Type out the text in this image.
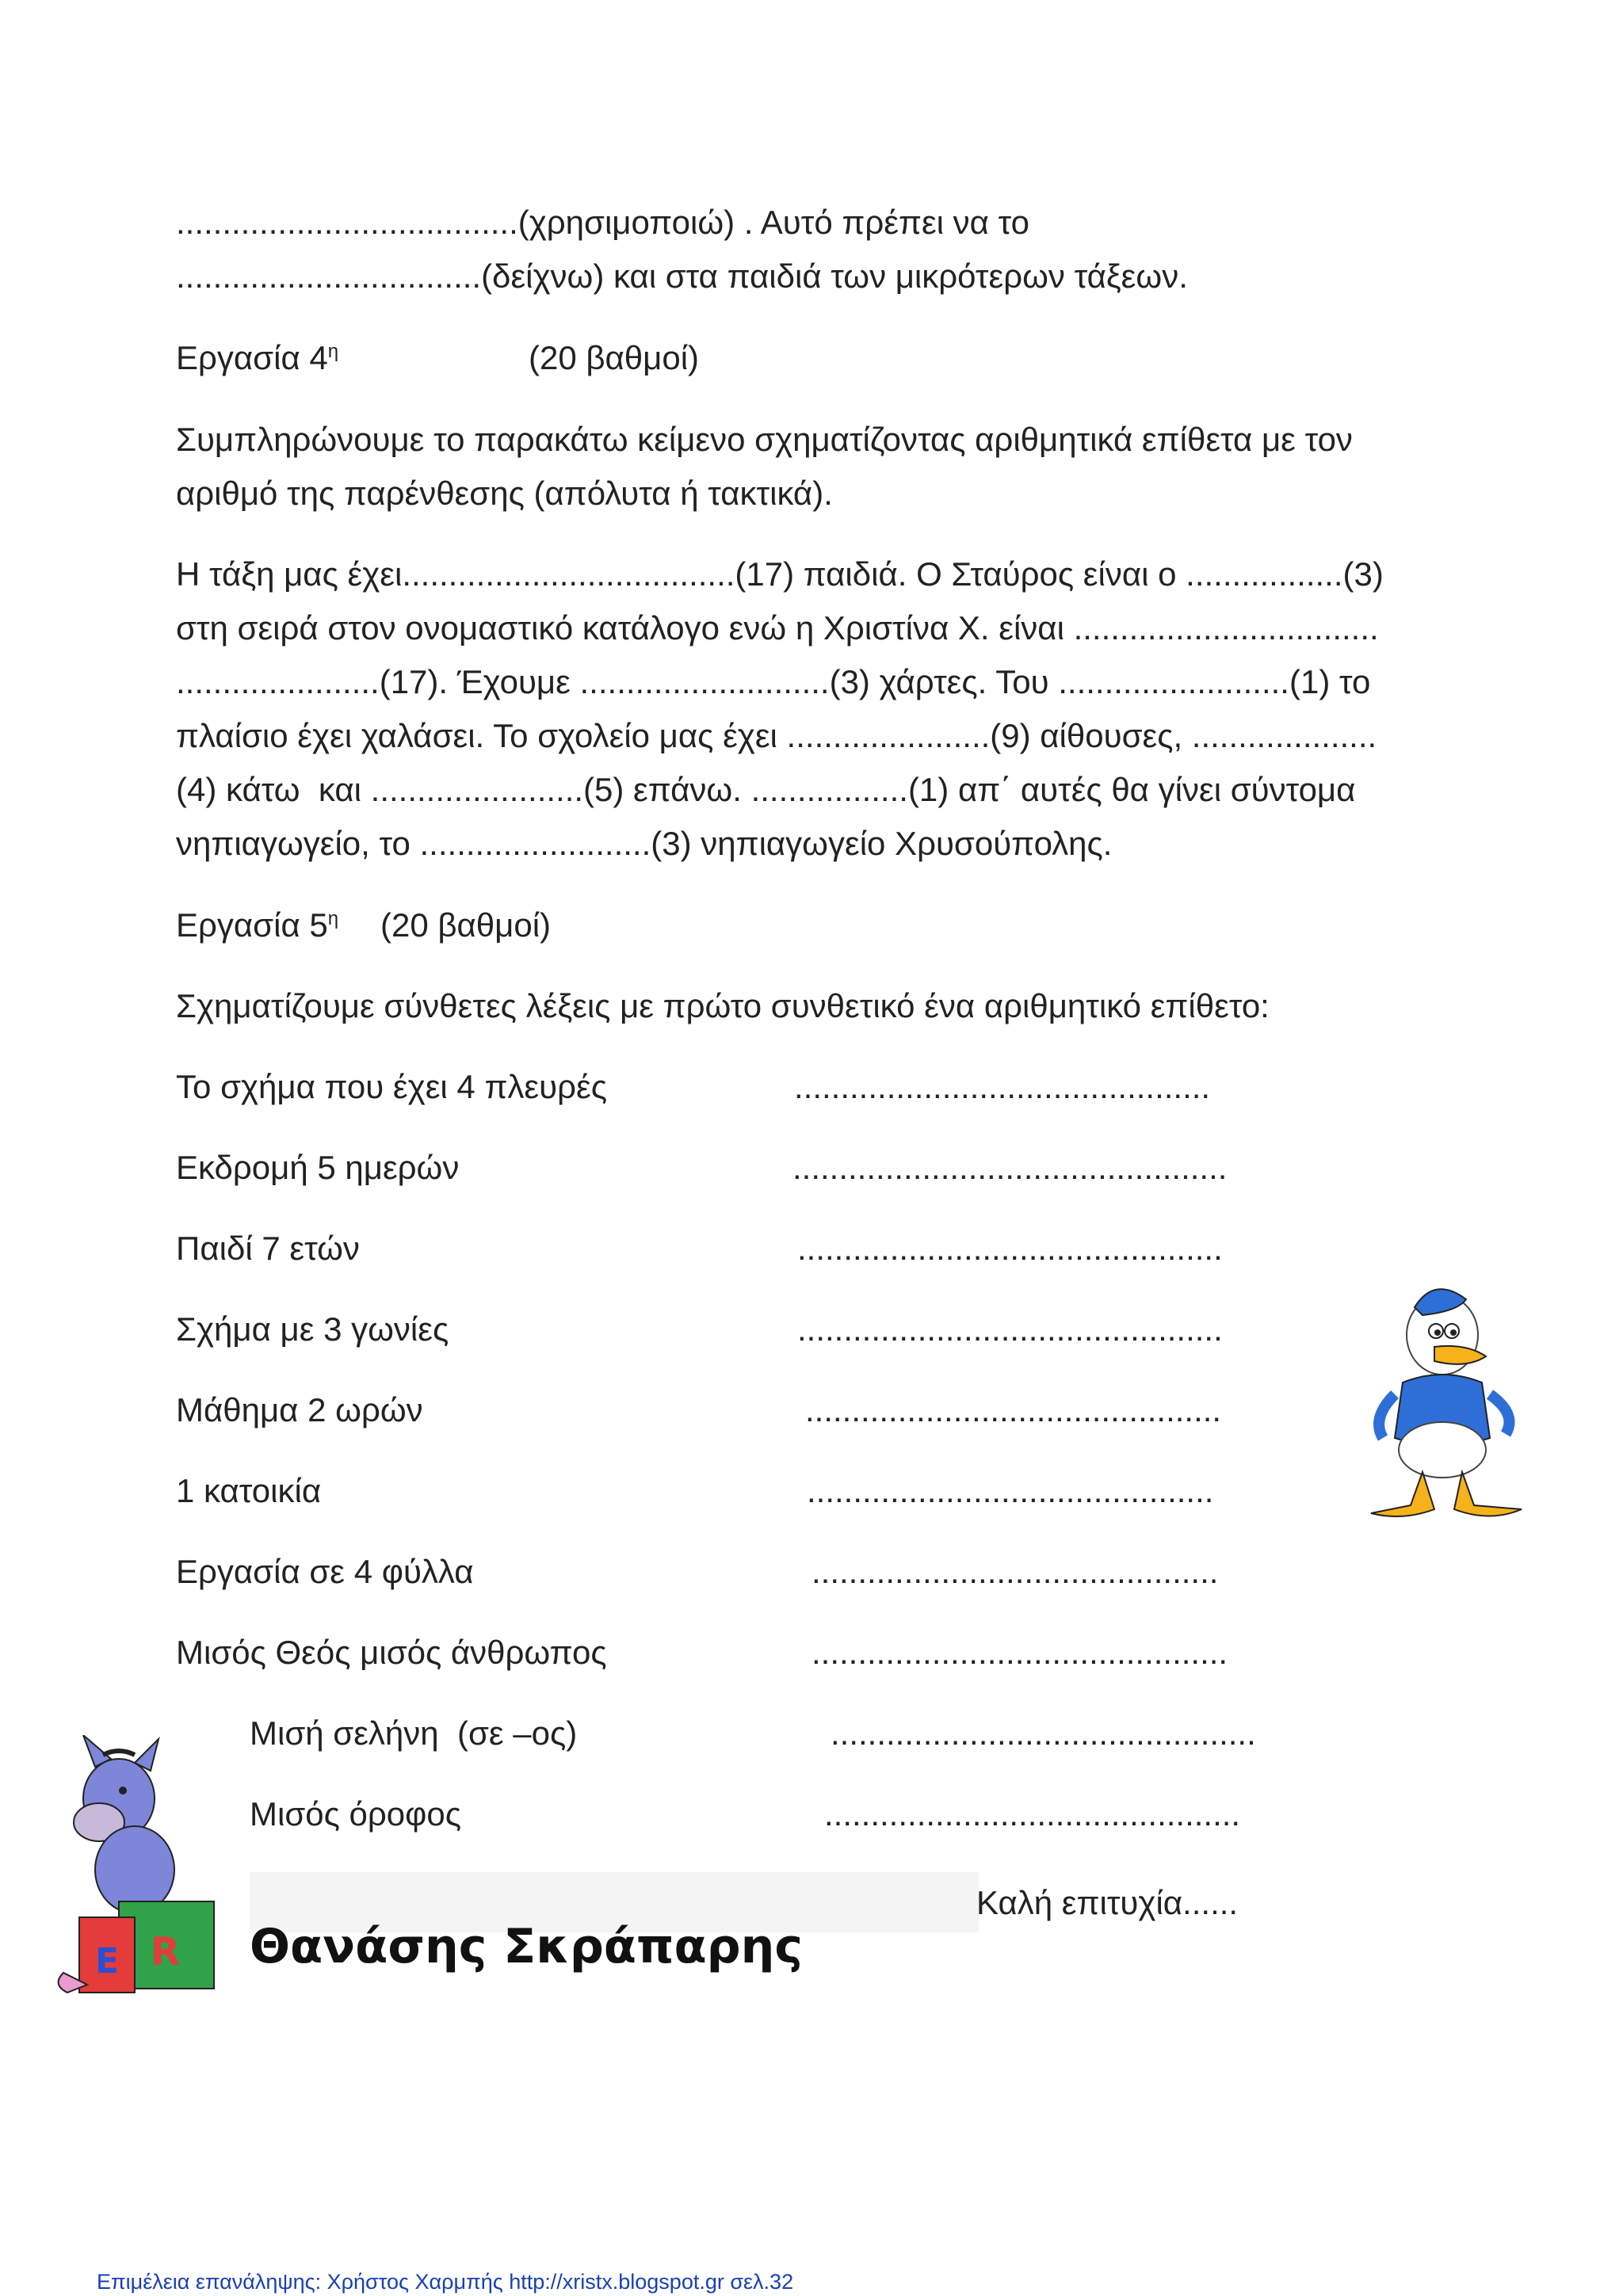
.....................................(χρησιμοποιώ) . Αυτό πρέπει να το

.................................(δείχνω) και στα παιδιά των μικρότερων τάξεων.

Εργασία $4^\eta$	(20 βαθμοί)

Συμπληρώνουμε το παρακάτω κείμενο σχηματίζοντας αριθμητικά επίθετα με τον

αριθμό της παρένθεσης (απόλυτα ή τακτικά).

Η τάξη μας έχει....................................(17) παιδιά. Ο Σταύρος είναι ο .................(3)

στη σειρά στον ονομαστικό κατάλογο ενώ η Χριστίνα Χ. είναι .................................

......................(17). Έχουμε ...........................(3) χάρτες. Του .........................(1) το

πλαίσιο έχει χαλάσει. Το σχολείο μας έχει ......................(9) αίθουσες, ....................

(4) κάτω  και .......................(5) επάνω. .................(1) απ΄ αυτές θα γίνει σύντομα

νηπιαγωγείο, το .........................(3) νηπιαγωγείο Χρυσούπολης.

Εργασία $5^\eta$ (20 βαθμοί)

Σχηματίζουμε σύνθετες λέξεις με πρώτο συνθετικό ένα αριθμητικό επίθετο:

Το σχήμα που έχει 4 πλευρές	.............................................

Εκδρομή 5 ημερών	...............................................

Παιδί 7 ετών	..............................................

Σχήμα με 3 γωνίες	..............................................

Μάθημα 2 ωρών	.............................................

1 κατοικία	............................................

Εργασία σε 4 φύλλα	............................................

Μισός Θεός μισός άνθρωπος	.............................................

Μισή σελήνη  (σε –ος)	..............................................

Μισός όροφος	.............................................

Θανάσης Σκράπαρης

Καλή επιτυχία......

Επιμέλεια επανάληψης: Χρήστος Χαρμπής http://xristx.blogspot.gr σελ.32

E R
